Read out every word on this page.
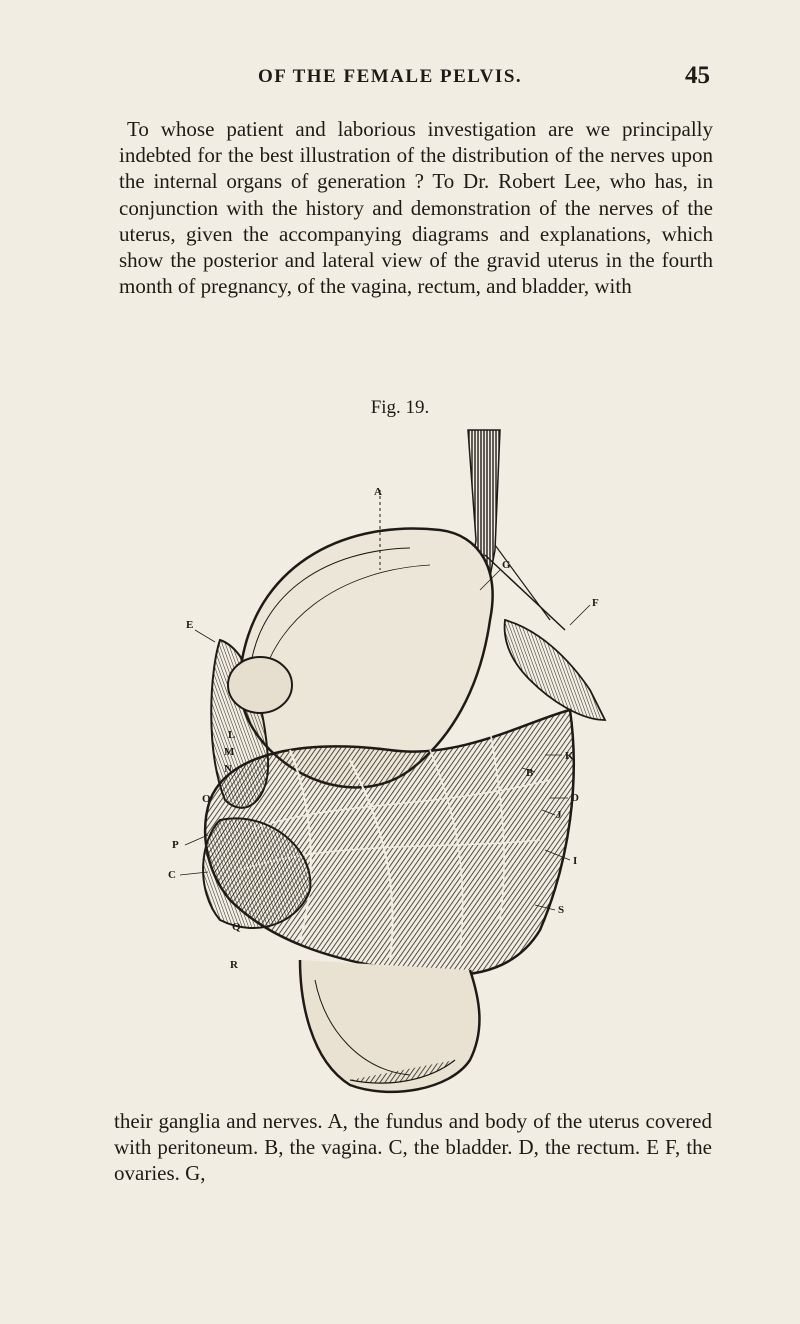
OF THE FEMALE PELVIS.	45

To whose patient and laborious investigation are we principally indebted for the best illustration of the distribution of the nerves upon the internal organs of generation ? To Dr. Robert Lee, who has, in conjunction with the history and demonstration of the nerves of the uterus, given the accompanying diagrams and explanations, which show the posterior and lateral view of the gravid uterus in the fourth month of pregnancy, of the vagina, rectum, and bladder, with

Fig. 19.
A
G
F
E
B
K
L
M
N
D
O
J
P
C
I
S
Q
R

their ganglia and nerves. A, the fundus and body of the uterus covered with peritoneum. B, the vagina. C, the bladder. D, the rectum. E F, the ovaries. G,
